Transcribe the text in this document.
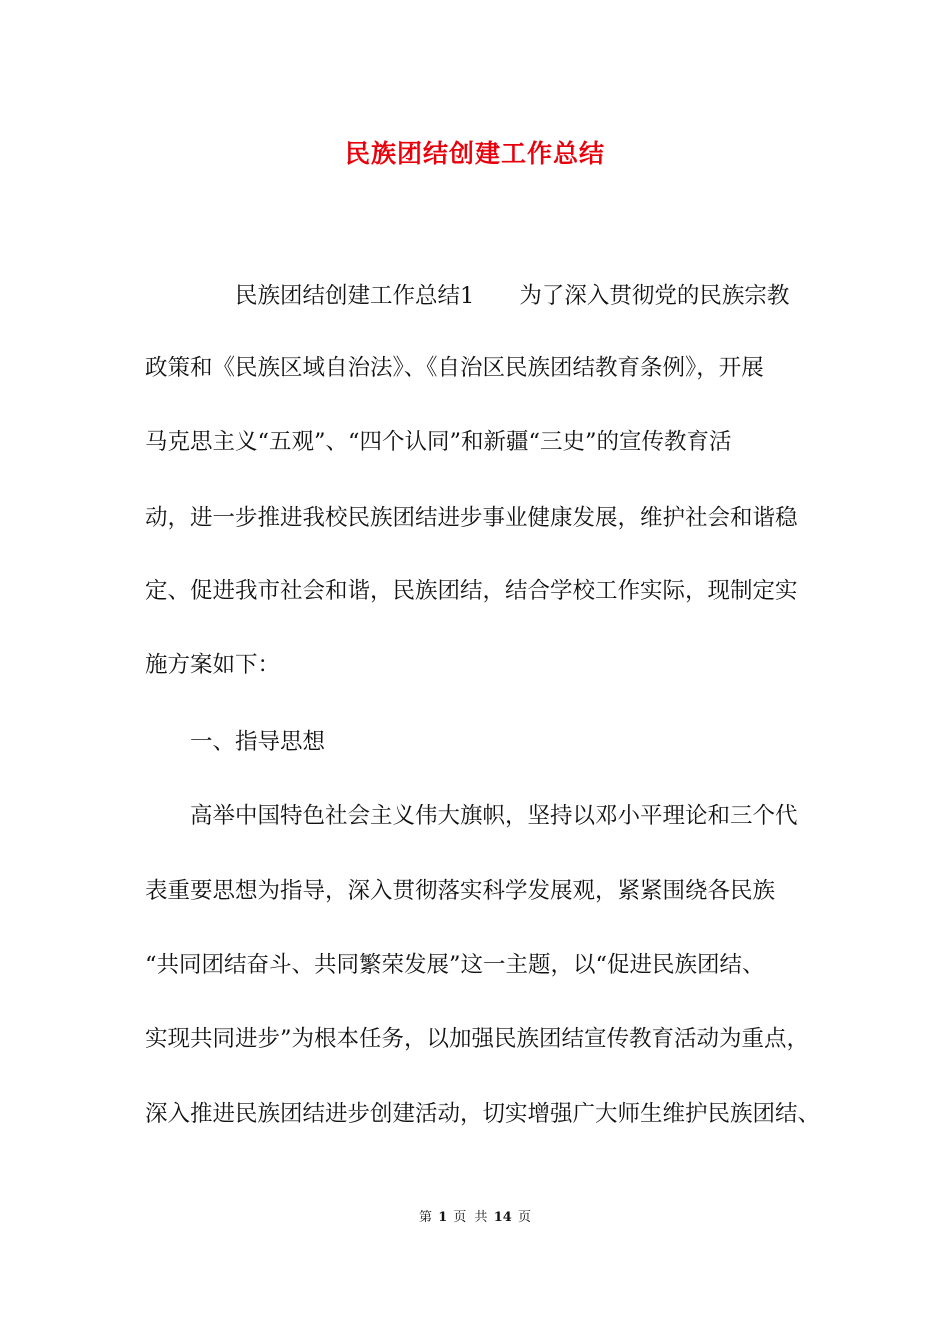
民族团结创建工作总结
民族团结创建工作总结1　　为了深入贯彻党的民族宗教
政策和《民族区域自治法》、《自治区民族团结教育条例》，开展
马克思主义“五观”、“四个认同”和新疆“三史”的宣传教育活
动，进一步推进我校民族团结进步事业健康发展，维护社会和谐稳
定、促进我市社会和谐，民族团结，结合学校工作实际，现制定实
施方案如下：
一、指导思想
高举中国特色社会主义伟大旗帜，坚持以邓小平理论和三个代
表重要思想为指导，深入贯彻落实科学发展观，紧紧围绕各民族
“共同团结奋斗、共同繁荣发展”这一主题，以“促进民族团结、
实现共同进步”为根本任务，以加强民族团结宣传教育活动为重点，
深入推进民族团结进步创建活动，切实增强广大师生维护民族团结、
第 1 页 共 14 页
